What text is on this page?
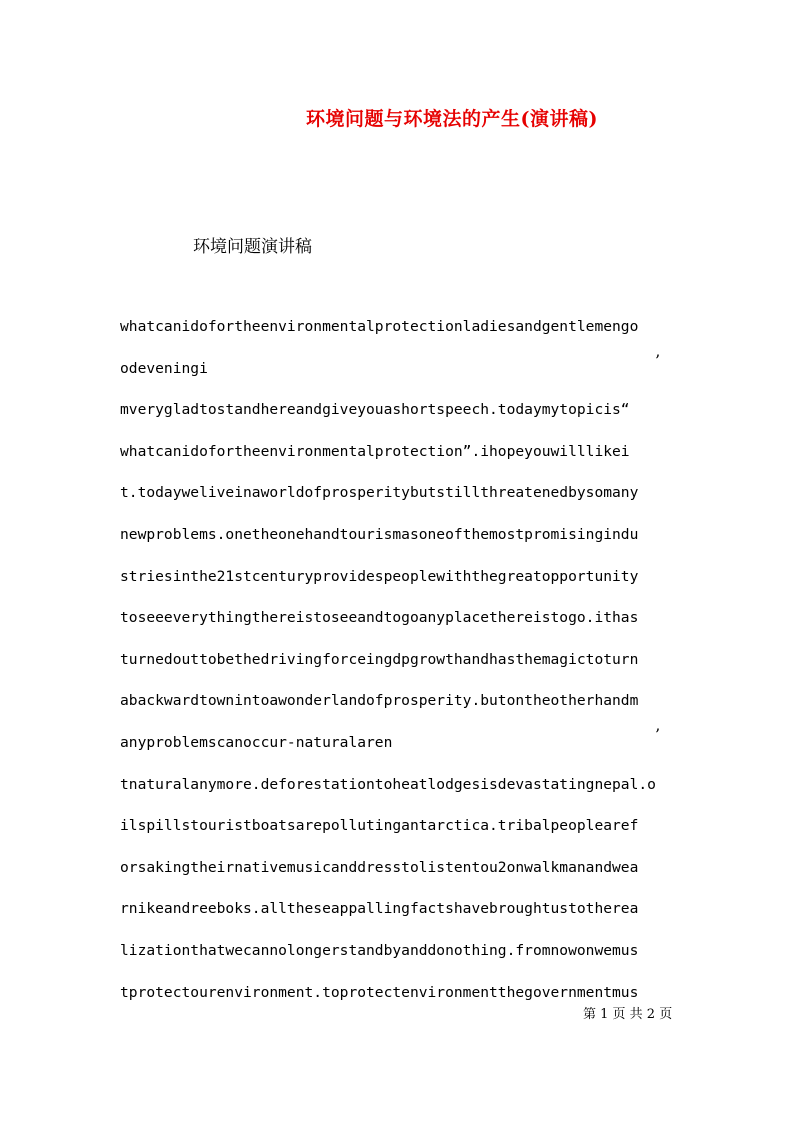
环境问题与环境法的产生(演讲稿)

环境问题演讲稿

whatcanidofortheenvironmentalprotectionladiesandgentlemengo
odeveningi	’
mverygladtostandhereandgiveyouashortspeech.todaymytopicis“
whatcanidofortheenvironmentalprotection”.ihopeyouwilllikei
t.todayweliveinaworldofprosperitybutstillthreatenedbysomany
newproblems.onetheonehandtourismasoneofthemostpromisingindu
striesinthe21stcenturyprovidespeoplewiththegreatopportunity
toseeeverythingthereistoseeandtogoanyplacethereistogo.ithas
turnedouttobethedrivingforceingdpgrowthandhasthemagictoturn
abackwardtownintoawonderlandofprosperity.butontheotherhandm
anyproblemscanoccur-naturalaren	’
tnaturalanymore.deforestationtoheatlodgesisdevastatingnepal.o
ilspillstouristboatsarepollutingantarctica.tribalpeoplearef
orsakingtheirnativemusicanddresstolistentou2onwalkmanandwea
rnikeandreeboks.alltheseappallingfactshavebroughtustotherea
lizationthatwecannolongerstandbyanddonothing.fromnowonwemus
tprotectourenvironment.toprotectenvironmentthegovernmentmus
第 1 页 共 2 页
